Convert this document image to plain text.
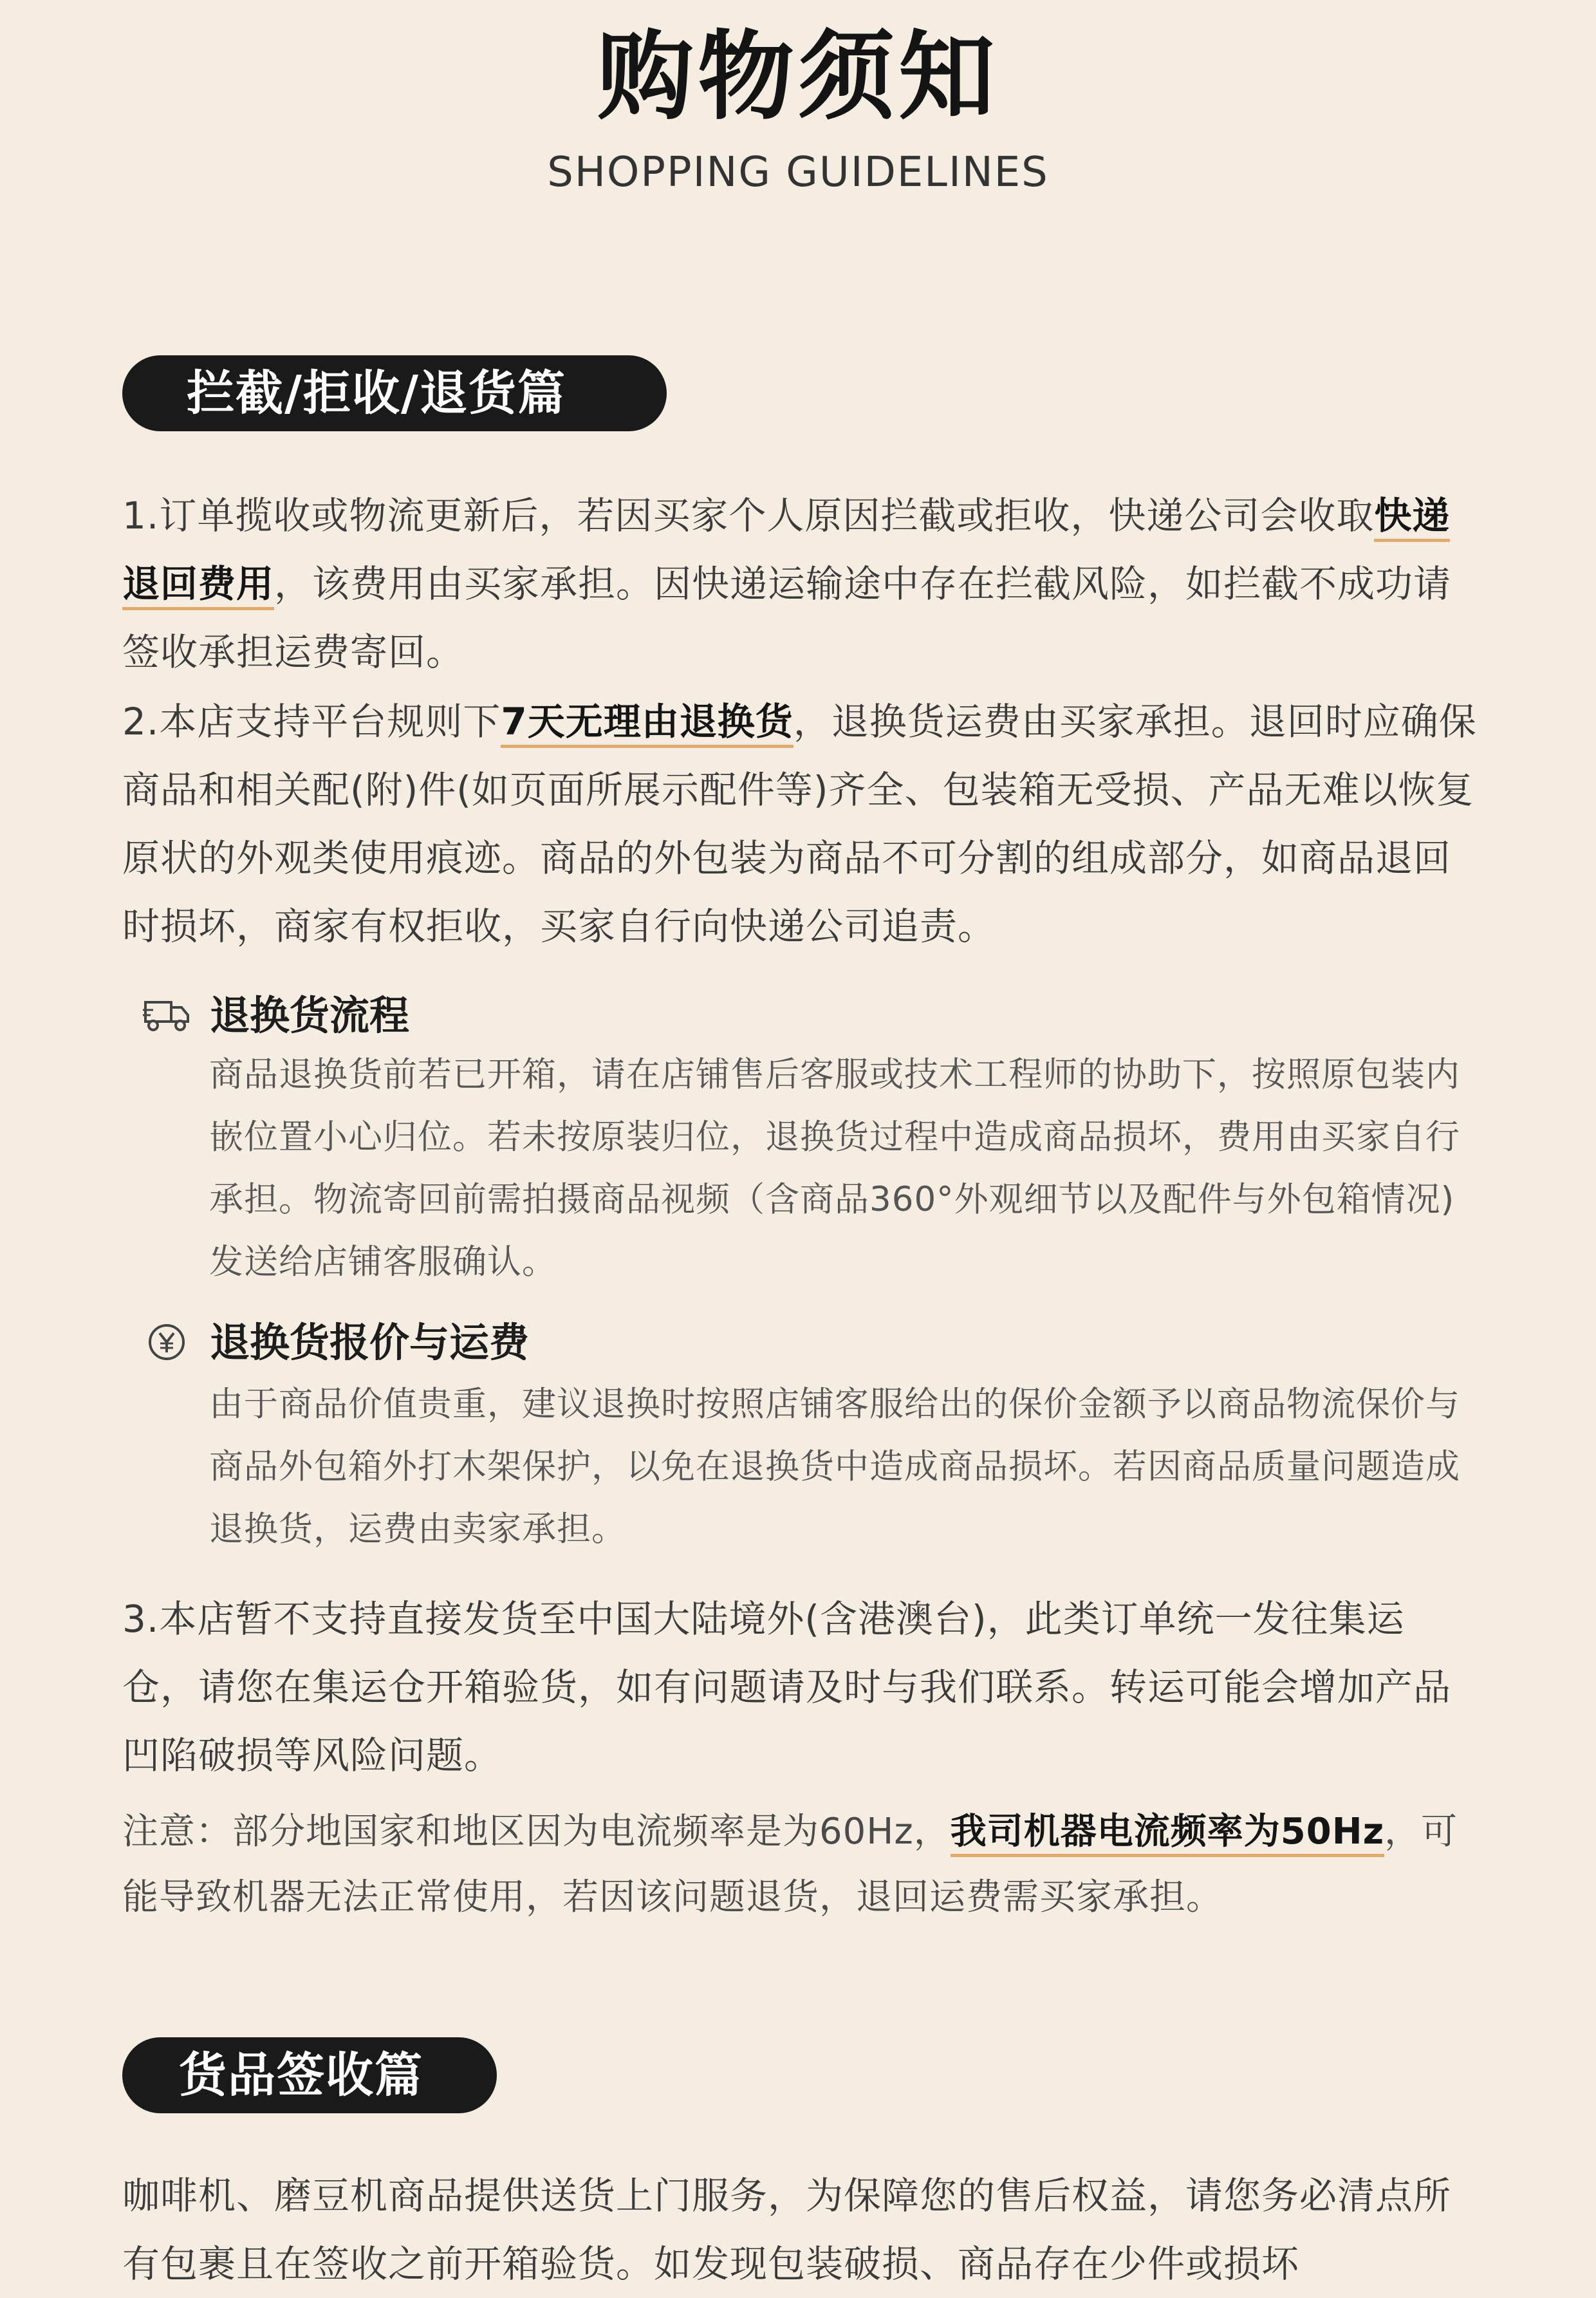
购物须知
SHOPPING GUIDELINES
拦截/拒收/退货篇
1.订单揽收或物流更新后，若因买家个人原因拦截或拒收，快递公司会收取快递退回费用，该费用由买家承担。因快递运输途中存在拦截风险，如拦截不成功请签收承担运费寄回。
2.本店支持平台规则下7天无理由退换货，退换货运费由买家承担。退回时应确保商品和相关配(附)件(如页面所展示配件等)齐全、包装箱无受损、产品无难以恢复原状的外观类使用痕迹。商品的外包装为商品不可分割的组成部分，如商品退回时损坏，商家有权拒收，买家自行向快递公司追责。
退换货流程
商品退换货前若已开箱，请在店铺售后客服或技术工程师的协助下，按照原包装内嵌位置小心归位。若未按原装归位，退换货过程中造成商品损坏，费用由买家自行承担。物流寄回前需拍摄商品视频（含商品360°外观细节以及配件与外包箱情况)发送给店铺客服确认。
退换货报价与运费
由于商品价值贵重，建议退换时按照店铺客服给出的保价金额予以商品物流保价与商品外包箱外打木架保护，以免在退换货中造成商品损坏。若因商品质量问题造成退换货，运费由卖家承担。
3.本店暂不支持直接发货至中国大陆境外(含港澳台)，此类订单统一发往集运仓，请您在集运仓开箱验货，如有问题请及时与我们联系。转运可能会增加产品凹陷破损等风险问题。
注意：部分地国家和地区因为电流频率是为60Hz，我司机器电流频率为50Hz，可能导致机器无法正常使用，若因该问题退货，退回运费需买家承担。
货品签收篇
咖啡机、磨豆机商品提供送货上门服务，为保障您的售后权益，请您务必清点所有包裹且在签收之前开箱验货。如发现包装破损、商品存在少件或损坏
